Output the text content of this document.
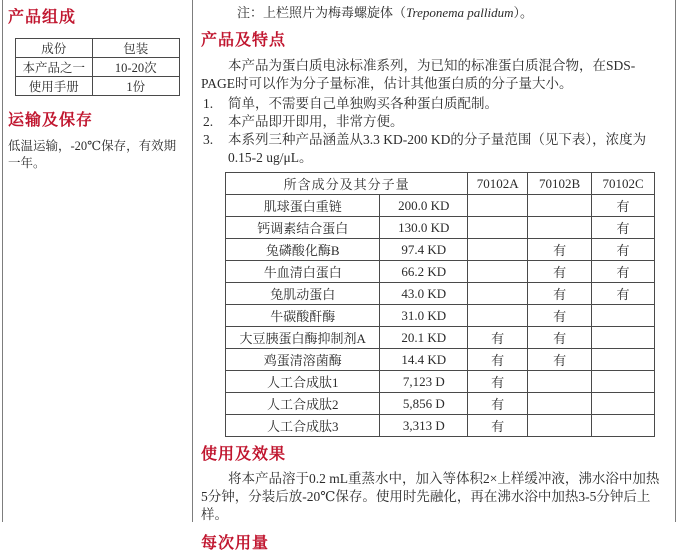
产品组成
成份	包装
本产品之一	10-20次
使用手册	1份
运输及保存
低温运输，-20℃保存，有效期一年。
注：上栏照片为梅毒螺旋体（Treponema pallidum）。
产品及特点
本产品为蛋白质电泳标准系列，为已知的标准蛋白质混合物，在SDS-PAGE时可以作为分子量标准，估计其他蛋白质的分子量大小。
1.	简单，不需要自己单独购买各种蛋白质配制。
2.	本产品即开即用，非常方便。
3.	本系列三种产品涵盖从3.3 KD-200 KD的分子量范围（见下表），浓度为0.15-2 ug/μL。
所含成分及其分子量		70102A	70102B	70102C
肌球蛋白重链	200.0 KD			有
钙调素结合蛋白	130.0 KD			有
兔磷酸化酶B	97.4 KD		有	有
牛血清白蛋白	66.2 KD		有	有
兔肌动蛋白	43.0 KD		有	有
牛碳酸酐酶	31.0 KD		有	
大豆胰蛋白酶抑制剂A	20.1 KD	有	有	
鸡蛋清溶菌酶	14.4 KD	有	有	
人工合成肽1	7,123 D	有		
人工合成肽2	5,856 D	有		
人工合成肽3	3,313 D	有		
使用及效果
将本产品溶于0.2 mL重蒸水中，加入等体积2×上样缓冲液，沸水浴中加热5分钟，分装后放-20℃保存。使用时先融化，再在沸水浴中加热3-5分钟后上样。
每次用量
